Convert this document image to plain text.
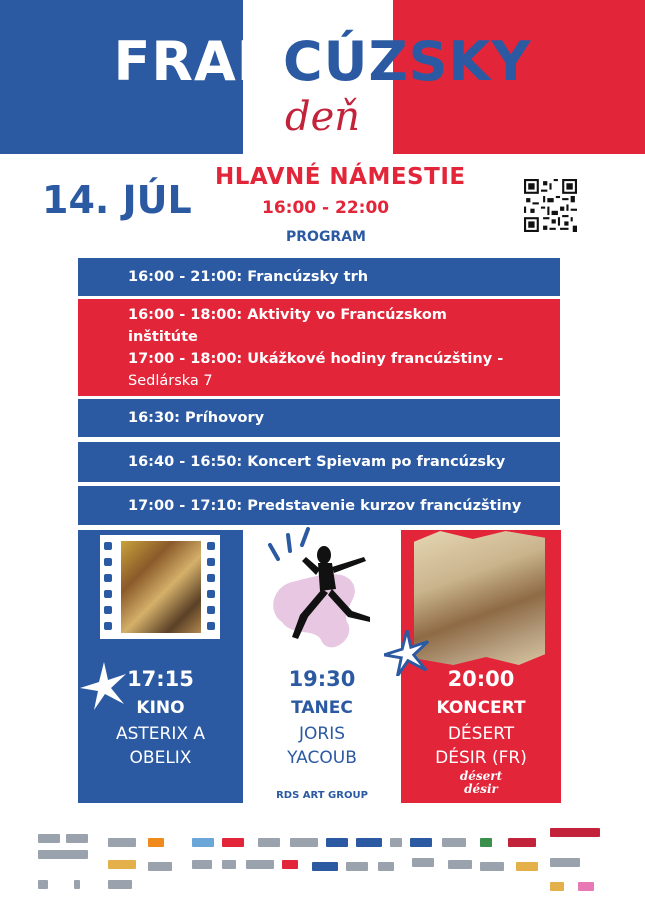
FRANCÚZSKY
deň
14. JÚL
HLAVNÉ NÁMESTIE
16:00 - 22:00
PROGRAM
16:00 - 21:00: Francúzsky trh
16:00 - 18:00: Aktivity vo Francúzskom
inštitúte
17:00 - 18:00: Ukážkové hodiny francúzštiny -
Sedlárska 7
16:30: Príhovory
16:40 - 16:50: Koncert Spievam po francúzsky
17:00 - 17:10: Predstavenie kurzov francúzštiny
17:15
KINO
ASTERIX A
OBELIX
19:30
TANEC
JORIS
YACOUB
RDS ART GROUP
20:00
KONCERT
DÉSERT
DÉSIR (FR)
désert désir
